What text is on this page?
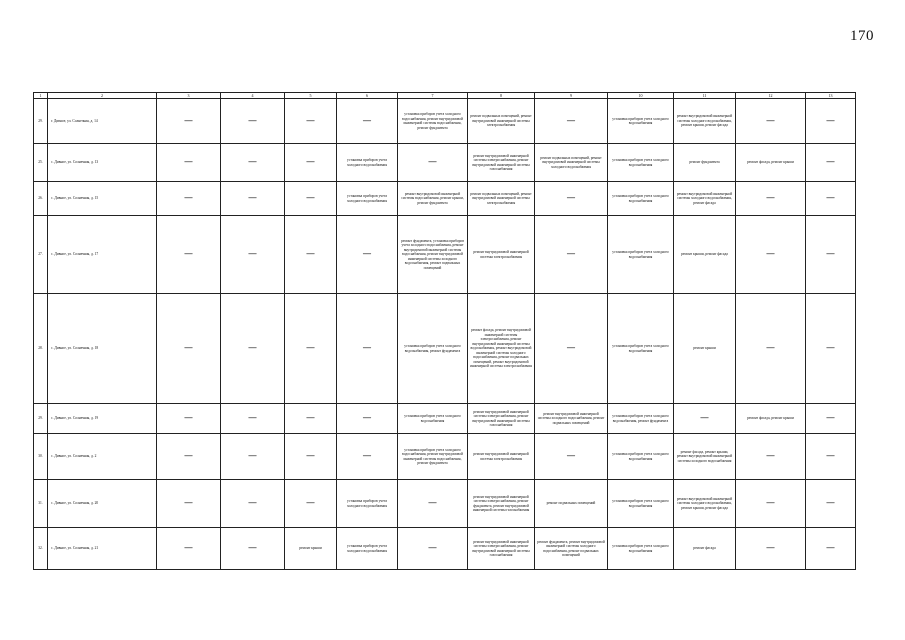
170
1	2	3	4	5	6	7	8	9	10	11	12	13
29.	г. Дивное, ул. Солнечная, д. 14	—	—	—	—	установка приборов учета холодного водоснабжения, ремонт внутридомовой инженерной системы водоснабжения, ремонт фундамента	ремонт подвальных помещений, ремонт внутридомовой инженерной системы электроснабжения	—	установка приборов учета холодного водоснабжения	ремонт внутридомовой инженерной системы холодного водоснабжения, ремонт крыши, ремонт фасада	—	—
25.	с. Дивное, ул. Солнечная, д. 13	—	—	—	установка приборов учета холодного водоснабжения	—	ремонт внутридомовой инженерной системы электроснабжения, ремонт внутридомовой инженерной системы газоснабжения	ремонт подвальных помещений, ремонт внутридомовой инженерной системы холодного водоснабжения	установка приборов учета холодного водоснабжения	ремонт фундамента	ремонт фасада, ремонт крыши	—
26.	с. Дивное, ул. Солнечная, д. 15	—	—	—	установка приборов учета холодного водоснабжения	ремонт внутридомовой инженерной системы водоснабжения, ремонт крыши, ремонт фундамента	ремонт подвальных помещений, ремонт внутридомовой инженерной системы электроснабжения	—	установка приборов учета холодного водоснабжения	ремонт внутридомовой инженерной системы холодного водоснабжения, ремонт фасада	—	—
27.	с. Дивное, ул. Солнечная, д. 17	—	—	—	—	ремонт фундамента, установка приборов учета холодного водоснабжения, ремонт внутридомовой инженерной системы водоснабжения, ремонт внутридомовой инженерной системы холодного водоснабжения, ремонт подвальных помещений	ремонт внутридомовой инженерной системы электроснабжения	—	установка приборов учета холодного водоснабжения	ремонт крыши, ремонт фасада	—	—
28.	с. Дивное, ул. Солнечная, д. 18	—	—	—	—	установка приборов учета холодного водоснабжения, ремонт фундамента	ремонт фасада, ремонт внутридомовой инженерной системы электроснабжения, ремонт внутридомовой инженерной системы водоснабжения, ремонт внутридомовой инженерной системы холодного водоснабжения, ремонт подвальных помещений, ремонт внутридомовой инженерной системы электроснабжения	—	установка приборов учета холодного водоснабжения	ремонт крыши	—	—
29.	с. Дивное, ул. Солнечная, д. 19	—	—	—	—	установка приборов учета холодного водоснабжения	ремонт внутридомовой инженерной системы электроснабжения, ремонт внутридомовой инженерной системы газоснабжения	ремонт внутридомовой инженерной системы холодного водоснабжения, ремонт подвальных помещений	установка приборов учета холодного водоснабжения, ремонт фундамента	—	ремонт фасада, ремонт крыши	—
30.	с. Дивное, ул. Солнечная, д. 2	—	—	—	—	установка приборов учета холодного водоснабжения, ремонт внутридомовой инженерной системы водоснабжения, ремонт фундамента	ремонт внутридомовой инженерной системы электроснабжения	—	установка приборов учета холодного водоснабжения	ремонт фасада, ремонт крыши, ремонт внутридомовой инженерной системы холодного водоснабжения	—	—
31.	с. Дивное, ул. Солнечная, д. 20	—	—	—	установка приборов учета холодного водоснабжения	—	ремонт внутридомовой инженерной системы электроснабжения, ремонт фундамента, ремонт внутридомовой инженерной системы газоснабжения	ремонт подвальных помещений	установка приборов учета холодного водоснабжения	ремонт внутридомовой инженерной системы холодного водоснабжения, ремонт крыши, ремонт фасада	—	—
32.	с. Дивное, ул. Солнечная, д. 21	—	—	ремонт крыши	установка приборов учета холодного водоснабжения	—	ремонт внутридомовой инженерной системы электроснабжения, ремонт внутридомовой инженерной системы газоснабжения	ремонт фундамента, ремонт внутридомовой инженерной системы холодного водоснабжения, ремонт подвальных помещений	установка приборов учета холодного водоснабжения	ремонт фасада	—	—
